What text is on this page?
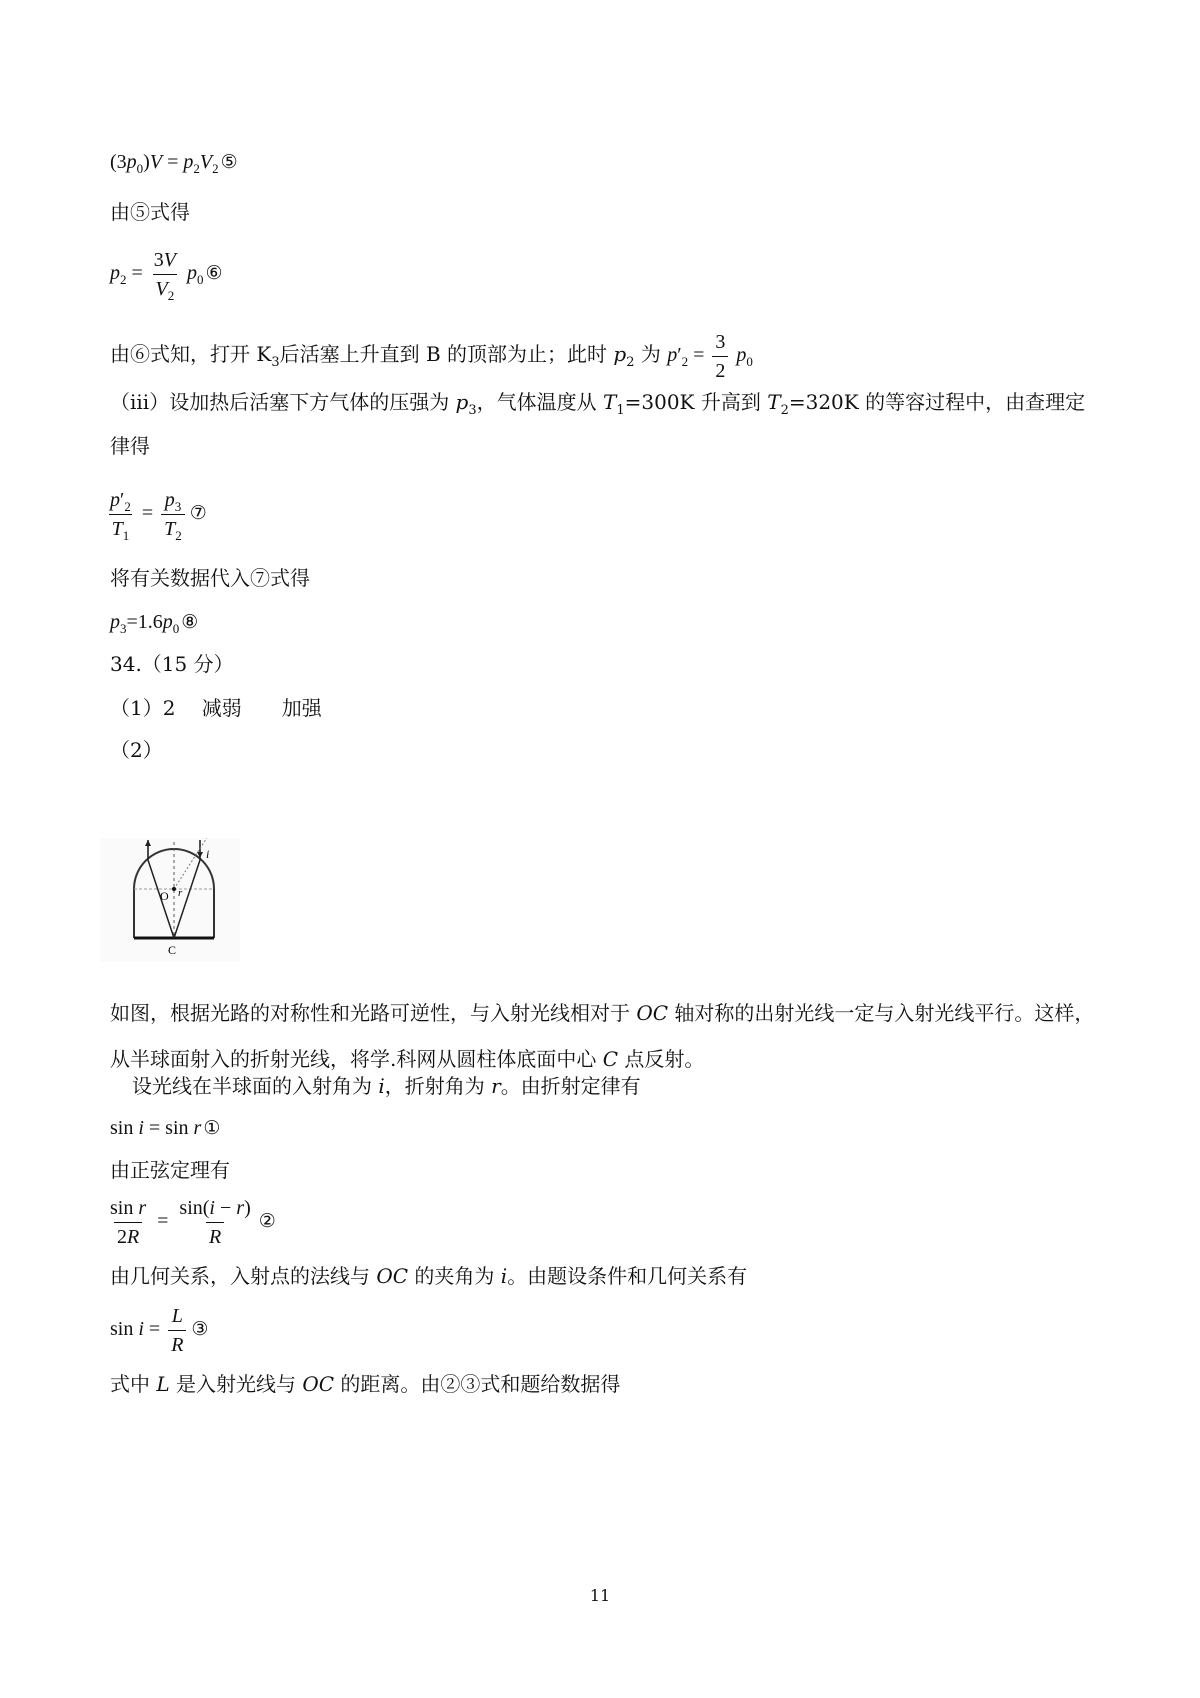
$(3p_0)V = p_2V_2$ ⑤
由⑤式得
$p_2 = \frac{3V}{V_2} p_0$ ⑥
由⑥式知，打开 $K_3$后活塞上升直到 B 的顶部为止；此时 $p_2$ 为 $p'_2 = \frac{3}{2} p_0$
（iii）设加热后活塞下方气体的压强为 $p_3$，气体温度从 $T_1=300K$ 升高到 $T_2=320K$ 的等容过程中，由查理定
律得
$\frac{p'_2}{T_1} = \frac{p_3}{T_2}$ ⑦
将有关数据代入⑦式得
$p_3=1.6p_0$ ⑧
34.（15 分）
（1）2　 减弱　　加强
（2）
O r
i
C
如图，根据光路的对称性和光路可逆性，与入射光线相对于 OC 轴对称的出射光线一定与入射光线平行。这样，从半球面射入的折射光线，将学.科网从圆柱体底面中心 C 点反射。
设光线在半球面的入射角为 i，折射角为 r。由折射定律有
sin i = sin r ①
由正弦定理有
$\frac{\text{sin r}}{2R} = \frac{\sin(i - r)}{R}$ ②
由几何关系，入射点的法线与 OC 的夹角为 i。由题设条件和几何关系有
$\sin i = \frac{L}{R}$ ③
式中 L 是入射光线与 OC 的距离。由②③式和题给数据得
11
